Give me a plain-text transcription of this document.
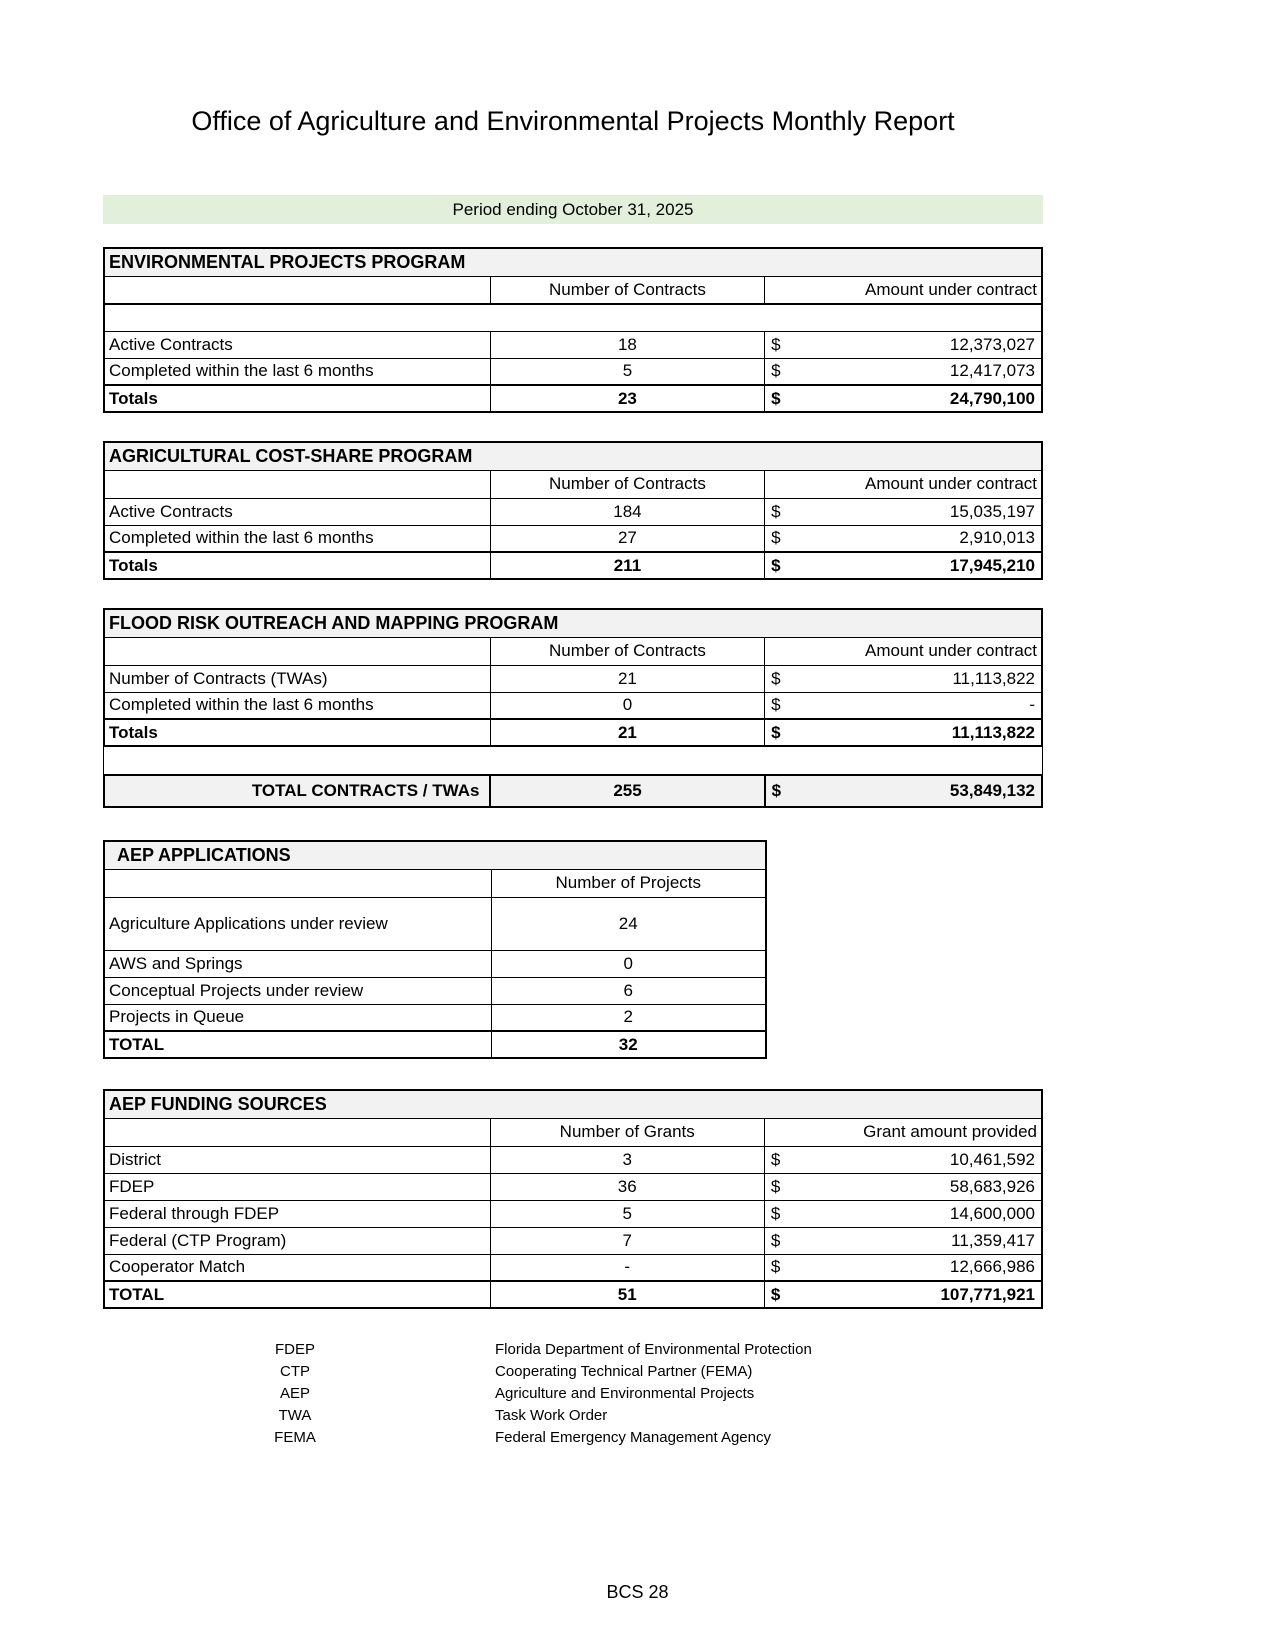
Office of Agriculture and Environmental Projects Monthly Report
Period ending October 31, 2025
ENVIRONMENTAL PROJECTS PROGRAM		
	Number of Contracts	Amount under contract

Active Contracts	18	$ 12,373,027

Completed within the last 6 months	5	$ 12,417,073

Totals	23	$ 24,790,100
AGRICULTURAL COST-SHARE PROGRAM		
	Number of Contracts	Amount under contract
Active Contracts	184	$ 15,035,197

Completed within the last 6 months	27	$ 2,910,013

Totals	211	$ 17,945,210
FLOOD RISK OUTREACH AND MAPPING PROGRAM		
	Number of Contracts	Amount under contract
Number of Contracts (TWAs)	21	$ 11,113,822

Completed within the last 6 months	0	$ -

Totals	21	$ 11,113,822
TOTAL CONTRACTS / TWAs	255	$	53,849,132
AEP APPLICATIONS	
	Number of Projects
Agriculture Applications under review	24
AWS and Springs	0
Conceptual Projects under review	6
Projects in Queue	2
TOTAL	32
AEP FUNDING SOURCES		
	Number of Grants	Grant amount provided
District	3	$ 10,461,592

FDEP	36	$ 58,683,926

Federal through FDEP	5	$ 14,600,000

Federal (CTP Program)	7	$ 11,359,417

Cooperator Match	-	$ 12,666,986

TOTAL	51	$ 107,771,921
FDEP	Florida Department of Environmental Protection
CTP	Cooperating Technical Partner (FEMA)
AEP	Agriculture and Environmental Projects
TWA	Task Work Order
FEMA	Federal Emergency Management Agency
BCS 28
